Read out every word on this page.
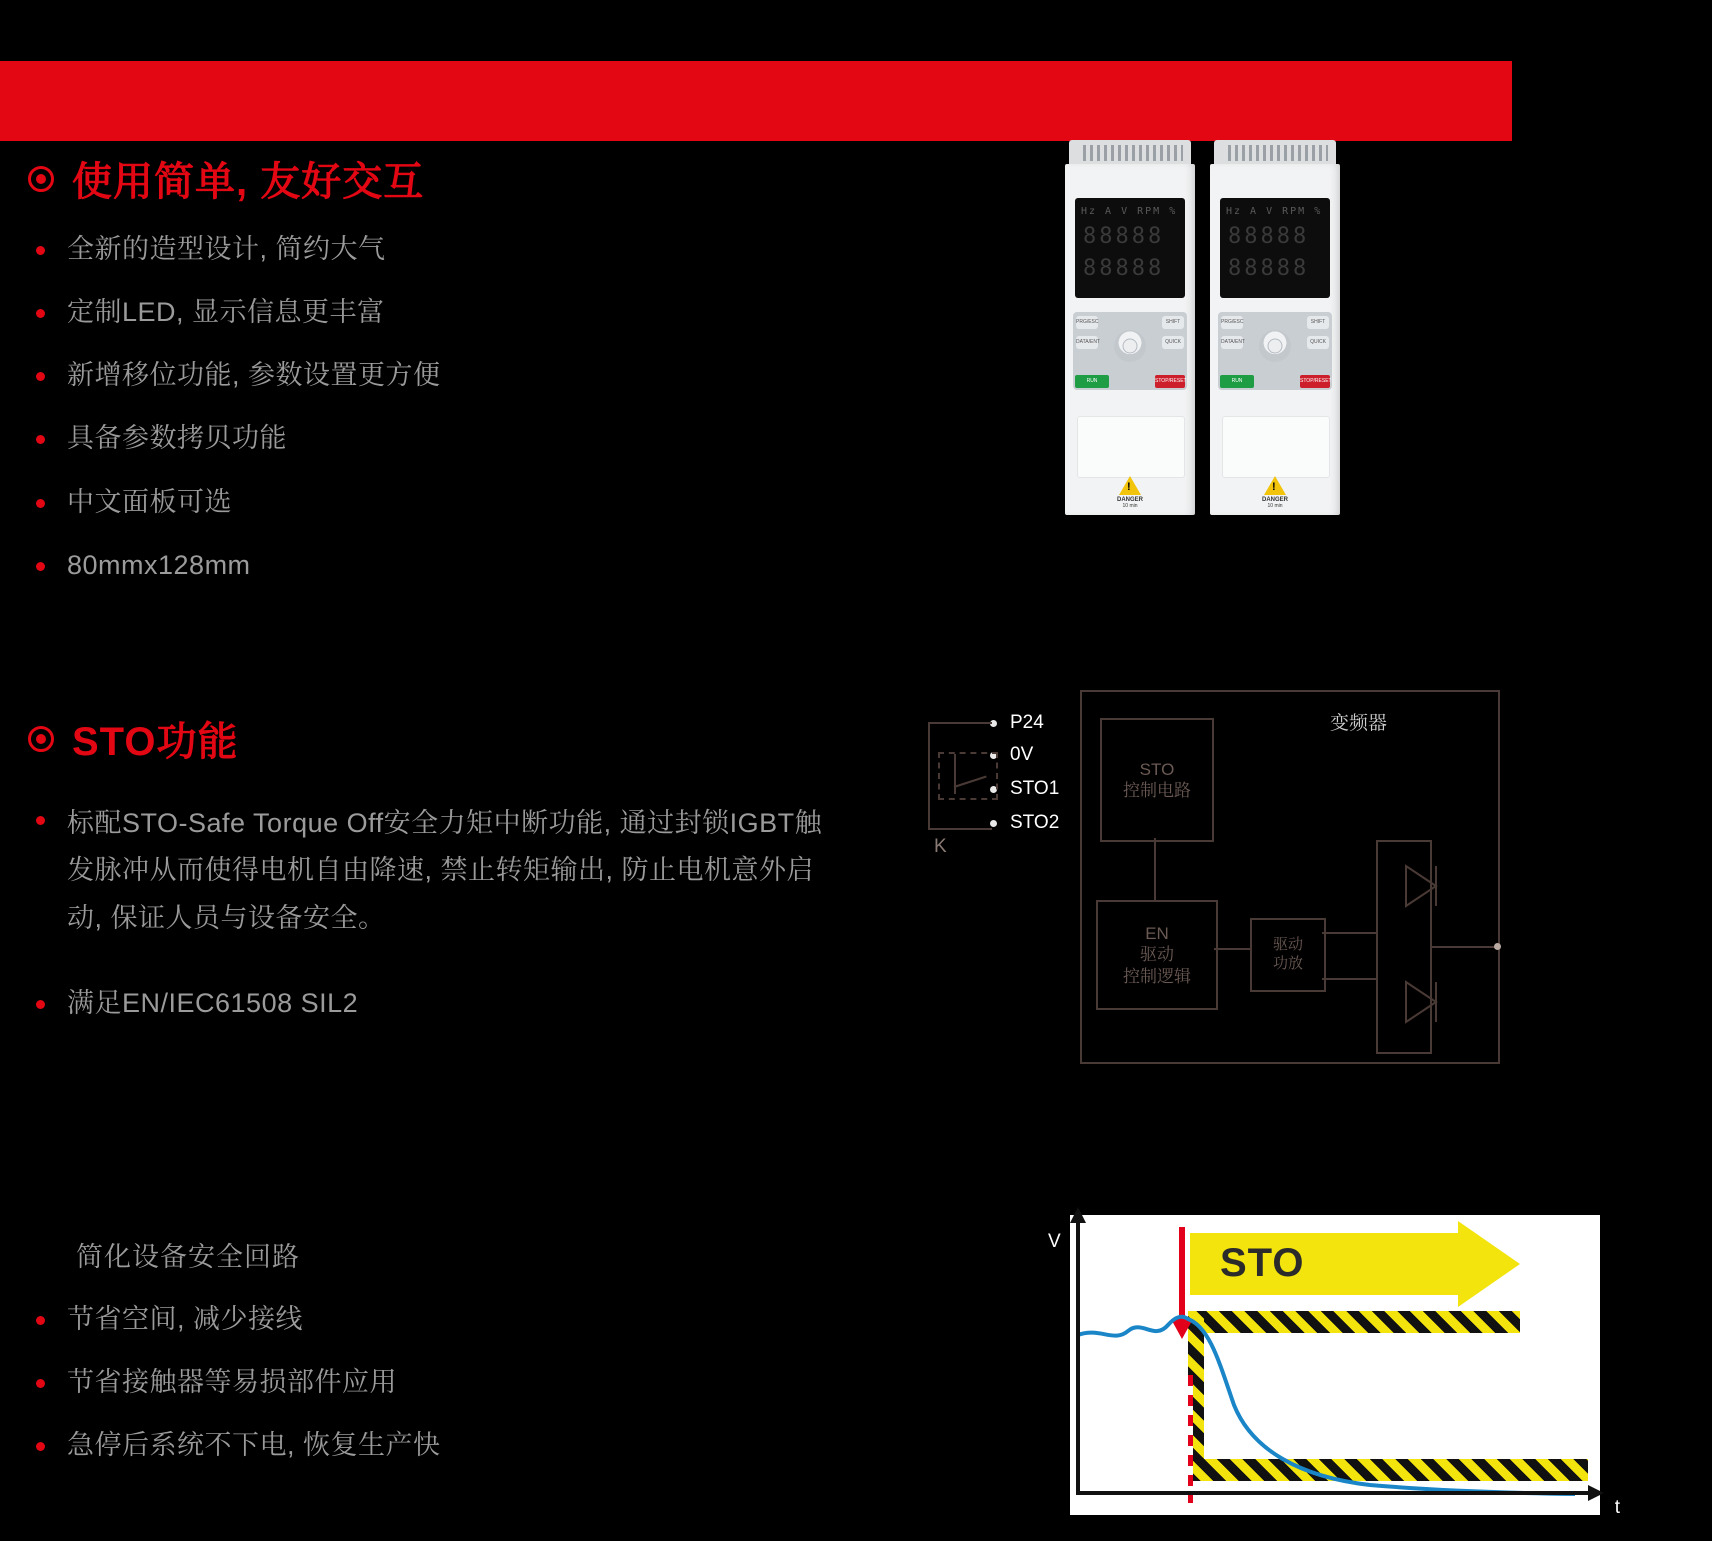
使用简单, 友好交互
全新的造型设计, 简约大气
定制LED, 显示信息更丰富
新增移位功能, 参数设置更方便
具备参数拷贝功能
中文面板可选
80mmx128mm
Hz A V RPM %
88888
88888
PRG/ESC	SHIFT
DATA/ENT	QUICK
RUN	STOP/RESET
!
DANGER
10 min
Hz A V RPM %
88888
88888
PRG/ESC	SHIFT
DATA/ENT	QUICK
RUN	STOP/RESET
!
DANGER
10 min
STO功能
标配STO-Safe Torque Off安全力矩中断功能, 通过封锁IGBT触发脉冲从而使得电机自由降速, 禁止转矩输出, 防止电机意外启动, 保证人员与设备安全。
满足EN/IEC61508 SIL2
简化设备安全回路
节省空间, 减少接线
节省接触器等易损部件应用
急停后系统不下电, 恢复生产快
变频器
P24
0V
STO1
STO2
K
STO
控制电路
EN
驱动
控制逻辑
驱动
功放
STO
V
t
